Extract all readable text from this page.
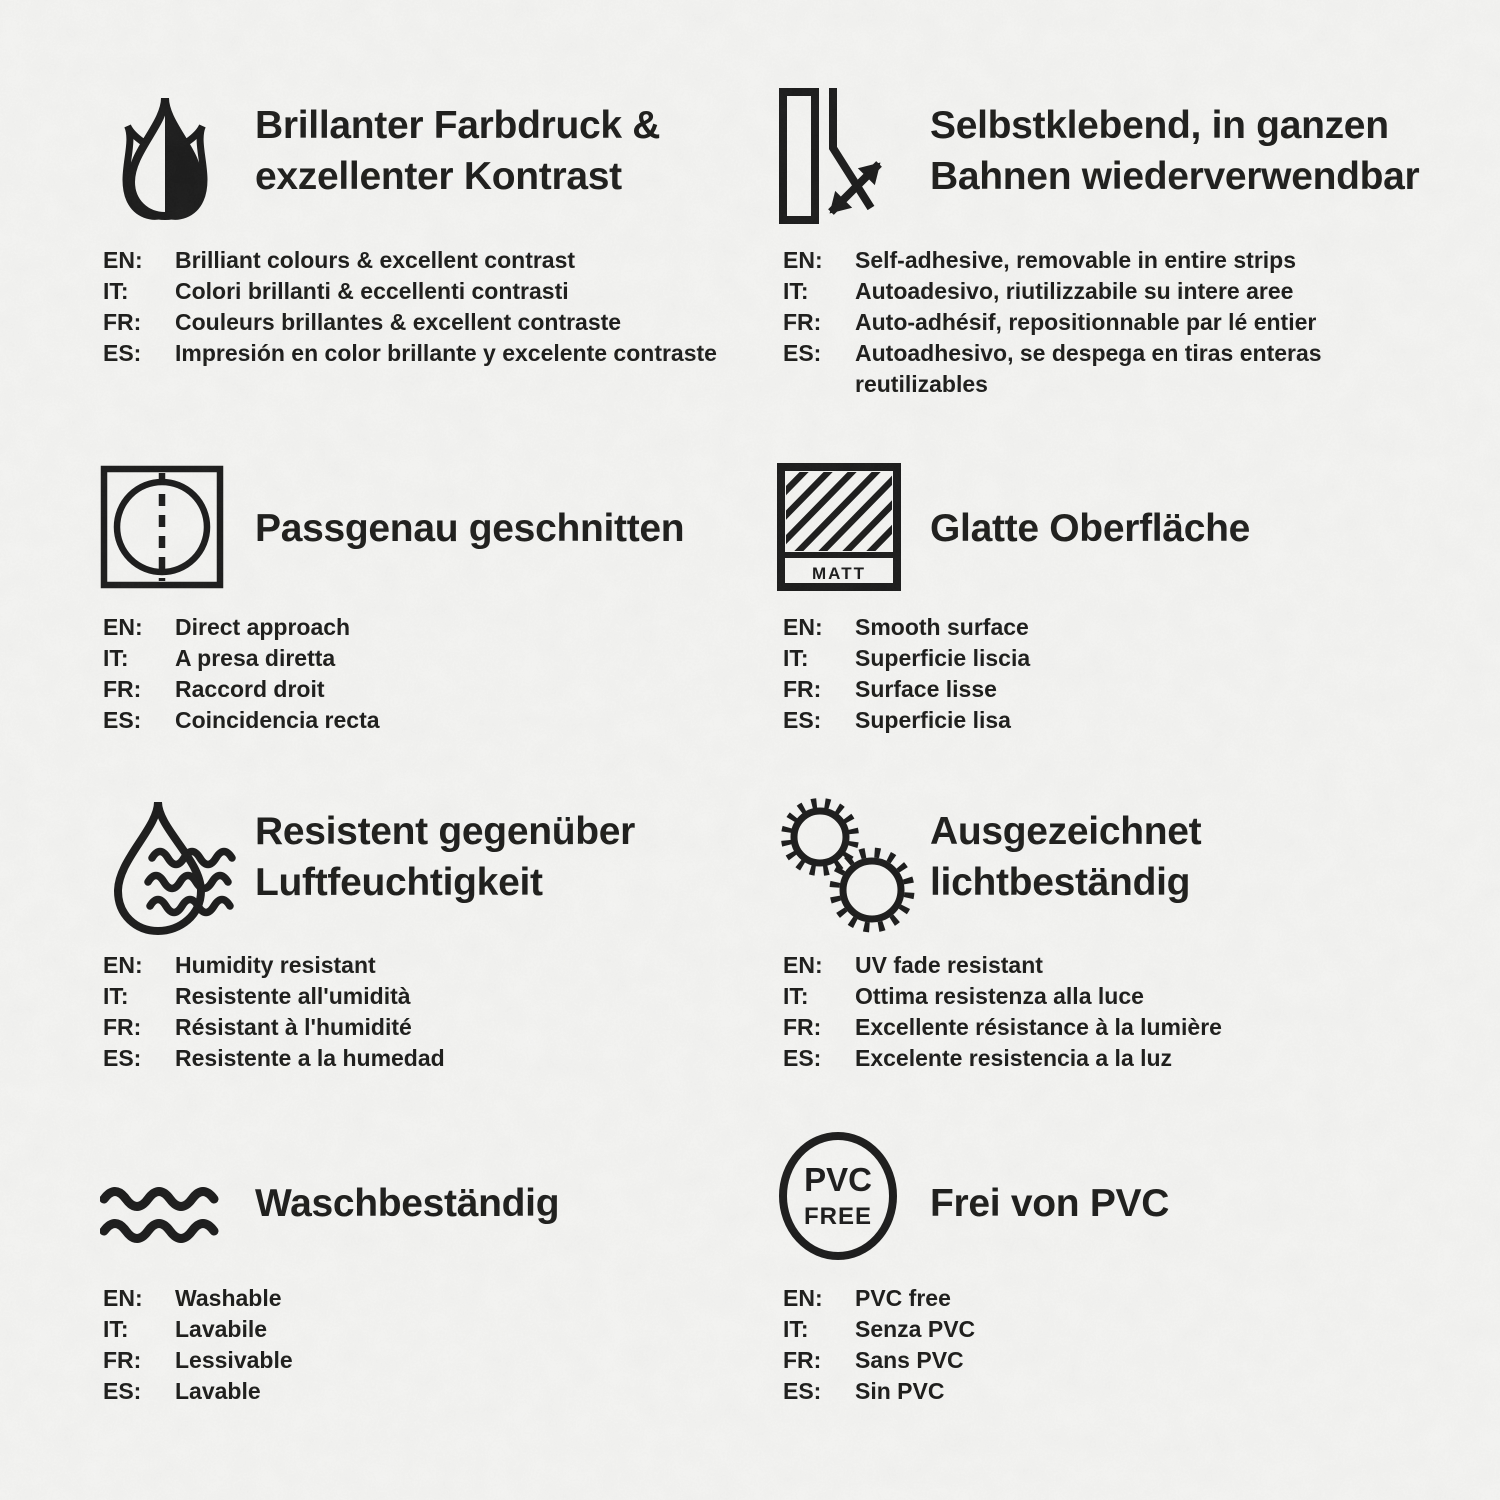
Brillanter Farbdruck &
exzellenter Kontrast
EN:	Brilliant colours & excellent contrast
IT:	Colori brillanti & eccellenti contrasti
FR:	Couleurs brillantes & excellent contraste
ES:	Impresión en color brillante y excelente contraste
Selbstklebend, in ganzen
Bahnen wiederverwendbar
EN:	Self-adhesive, removable in entire strips
IT:	Autoadesivo, riutilizzabile su intere aree
FR:	Auto-adhésif, repositionnable par lé entier
ES:	Autoadhesivo, se despega en tiras enteras reutilizables
Passgenau geschnitten
EN:	Direct approach
IT:	A presa diretta
FR:	Raccord droit
ES:	Coincidencia recta
MATT
Glatte Oberfläche
EN:	Smooth surface
IT:	Superficie liscia
FR:	Surface lisse
ES:	Superficie lisa
Resistent gegenüber
Luftfeuchtigkeit
EN:	Humidity resistant
IT:	Resistente all'umidità
FR:	Résistant à l'humidité
ES:	Resistente a la humedad
Ausgezeichnet
lichtbeständig
EN:	UV fade resistant
IT:	Ottima resistenza alla luce
FR:	Excellente résistance à la lumière
ES:	Excelente resistencia a la luz
Waschbeständig
EN:	Washable
IT:	Lavabile
FR:	Lessivable
ES:	Lavable
PVC
FREE Frei von PVC
EN:	PVC free
IT:	Senza PVC
FR:	Sans PVC
ES:	Sin PVC
